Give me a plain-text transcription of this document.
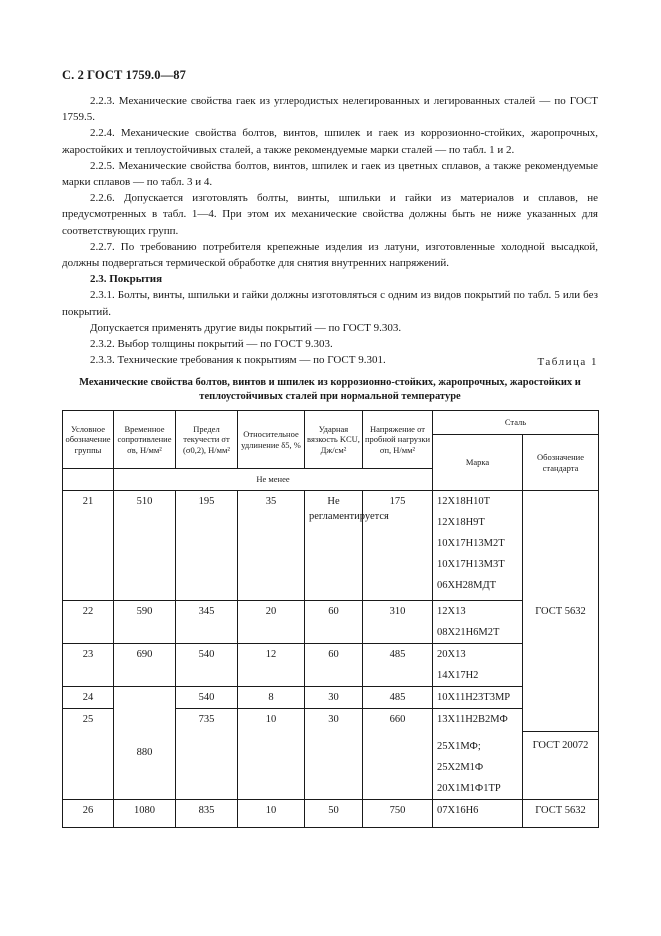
С. 2 ГОСТ 1759.0—87

2.2.3. Механические свойства гаек из углеродистых нелегированных и легированных сталей — по ГОСТ 1759.5.

2.2.4. Механические свойства болтов, винтов, шпилек и гаек из коррозионно-стойких, жаропрочных, жаростойких и теплоустойчивых сталей, а также рекомендуемые марки сталей — по табл. 1 и 2.

2.2.5. Механические свойства болтов, винтов, шпилек и гаек из цветных сплавов, а также рекомендуемые марки сплавов — по табл. 3 и 4.

2.2.6. Допускается изготовлять болты, винты, шпильки и гайки из материалов и сплавов, не предусмотренных в табл. 1—4. При этом их механические свойства должны быть не ниже указанных для соответствующих групп.

2.2.7. По требованию потребителя крепежные изделия из латуни, изготовленные холодной высадкой, должны подвергаться термической обработке для снятия внутренних напряжений.

2.3. Покрытия

2.3.1. Болты, винты, шпильки и гайки должны изготовляться с одним из видов покрытий по табл. 5 или без покрытий.

Допускается применять другие виды покрытий — по ГОСТ 9.303.

2.3.2. Выбор толщины покрытий — по ГОСТ 9.303.

2.3.3. Технические требования к покрытиям — по ГОСТ 9.301.	Таблица 1
Механические свойства болтов, винтов и шпилек из коррозионно-стойких, жаропрочных, жаростойких и теплоустойчивых сталей при нормальной температуре
Условное обозначение группы	Временное сопротивление σв, Н/мм²	Предел текучести σт (σ0,2), Н/мм²	Относительное удлинение δ5, %	Ударная вязкость KCU, Дж/см²	Напряжение от пробной нагрузки σп, Н/мм²	Сталь	
						Марка	Обозначение стандарта
	Не менее						
21	510	195	35	Не регламентируется	175	12Х18Н10Т
12Х18Н9Т
10Х17Н13М2Т
10Х17Н13М3Т
06ХН28МДТ	ГОСТ 5632
22	590	345	20	60	310	12Х13
08Х21Н6М2Т	

23	690	540	12	60	485	20Х13
14Х17Н2	

24	880	540	8	30	485	10Х11Н23Т3МР	

25		735	10	30	660	13Х11Н2В2МФ	

						25Х1МФ;
25Х2М1Ф
20Х1М1Ф1ТР	ГОСТ 20072
26	1080	835	10	50	750	07Х16Н6	ГОСТ 5632
